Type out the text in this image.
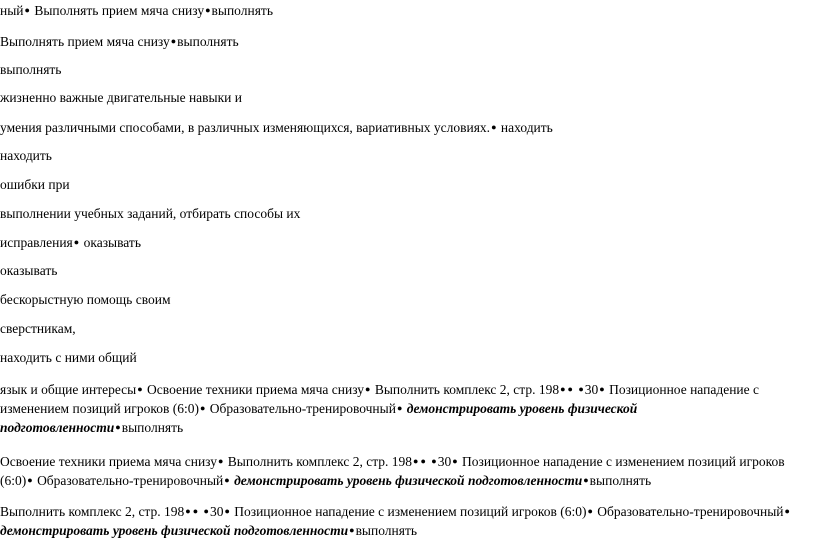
ный● Выполнять прием мяча снизу ● выполнять
Выполнять прием мяча снизу ● выполнять
выполнять
жизненно важные двигательные навыки и
умения различными способами, в различных изменяющихся, вариативных условиях.● находить
находить
ошибки при
выполнении учебных заданий, отбирать способы их
исправления● оказывать
оказывать
бескорыстную помощь своим
сверстникам,
находить с ними общий
язык и общие интересы● Освоение техники приема мяча снизу● Выполнить комплекс 2, стр. 198 ● ● ● 30● Позиционное нападение с изменением позиций игроков (6:0)● Образовательно-тренировочный● демонстрировать уровень физической подготовленности ● выполнять
Освоение техники приема мяча снизу● Выполнить комплекс 2, стр. 198 ● ● ● 30● Позиционное нападение с изменением позиций игроков (6:0)● Образовательно-тренировочный● демонстрировать уровень физической подготовленности ● выполнять
Выполнить комплекс 2, стр. 198 ● ● ● 30● Позиционное нападение с изменением позиций игроков (6:0)● Образовательно-тренировочный● демонстрировать уровень физической подготовленности ● выполнять
